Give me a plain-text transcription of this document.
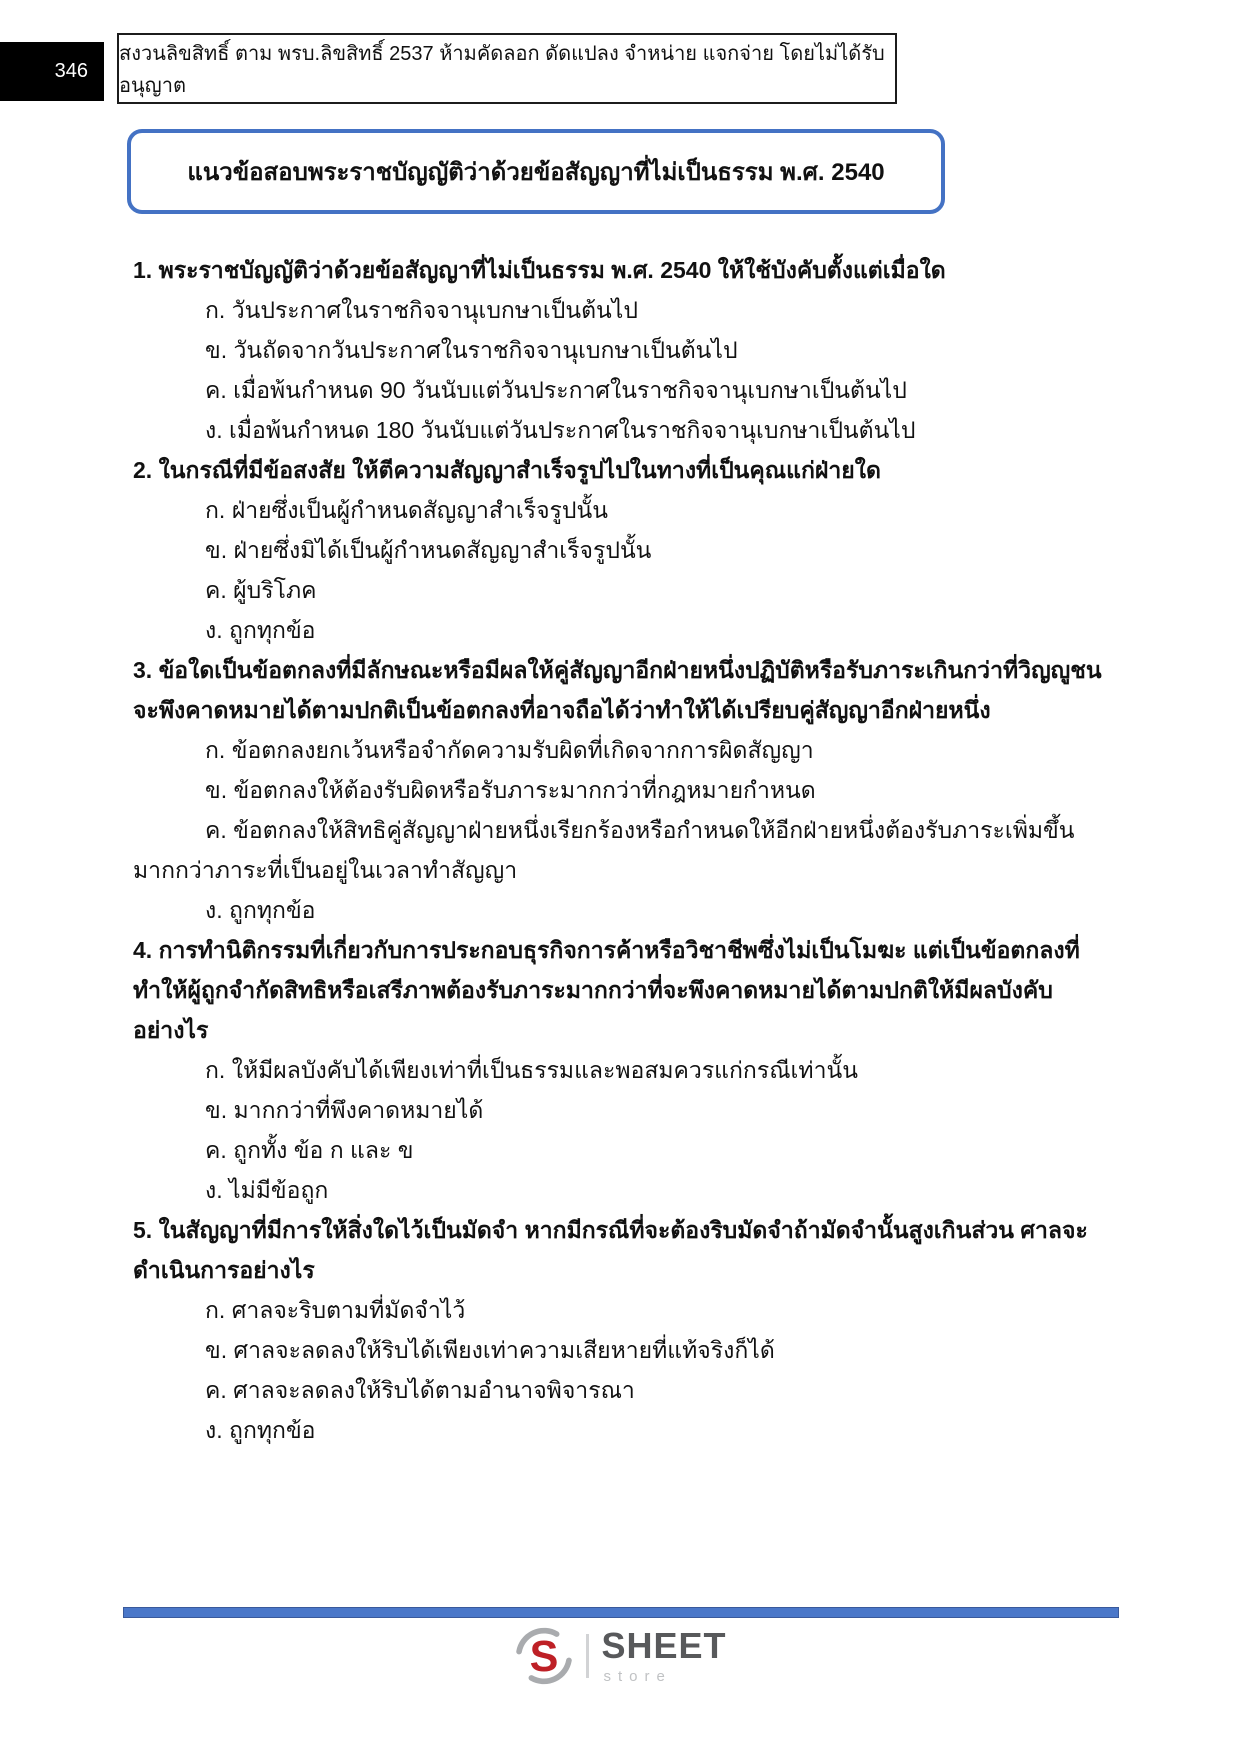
346
สงวนลิขสิทธิ์ ตาม พรบ.ลิขสิทธิ์ 2537 ห้ามคัดลอก ดัดแปลง จำหน่าย แจกจ่าย โดยไม่ได้รับอนุญาต
แนวข้อสอบพระราชบัญญัติว่าด้วยข้อสัญญาที่ไม่เป็นธรรม พ.ศ. 2540

1. พระราชบัญญัติว่าด้วยข้อสัญญาที่ไม่เป็นธรรม พ.ศ. 2540 ให้ใช้บังคับตั้งแต่เมื่อใด

ก. วันประกาศในราชกิจจานุเบกษาเป็นต้นไป

ข. วันถัดจากวันประกาศในราชกิจจานุเบกษาเป็นต้นไป

ค. เมื่อพ้นกำหนด 90 วันนับแต่วันประกาศในราชกิจจานุเบกษาเป็นต้นไป

ง. เมื่อพ้นกำหนด 180 วันนับแต่วันประกาศในราชกิจจานุเบกษาเป็นต้นไป

2. ในกรณีที่มีข้อสงสัย ให้ตีความสัญญาสำเร็จรูปไปในทางที่เป็นคุณแก่ฝ่ายใด

ก. ฝ่ายซึ่งเป็นผู้กำหนดสัญญาสำเร็จรูปนั้น

ข. ฝ่ายซึ่งมิได้เป็นผู้กำหนดสัญญาสำเร็จรูปนั้น

ค. ผู้บริโภค

ง. ถูกทุกข้อ

3. ข้อใดเป็นข้อตกลงที่มีลักษณะหรือมีผลให้คู่สัญญาอีกฝ่ายหนึ่งปฏิบัติหรือรับภาระเกินกว่าที่วิญญูชนจะพึงคาดหมายได้ตามปกติเป็นข้อตกลงที่อาจถือได้ว่าทำให้ได้เปรียบคู่สัญญาอีกฝ่ายหนึ่ง

ก. ข้อตกลงยกเว้นหรือจำกัดความรับผิดที่เกิดจากการผิดสัญญา

ข. ข้อตกลงให้ต้องรับผิดหรือรับภาระมากกว่าที่กฎหมายกำหนด

ค. ข้อตกลงให้สิทธิคู่สัญญาฝ่ายหนึ่งเรียกร้องหรือกำหนดให้อีกฝ่ายหนึ่งต้องรับภาระเพิ่มขึ้นมากกว่าภาระที่เป็นอยู่ในเวลาทำสัญญา

ง. ถูกทุกข้อ

4. การทำนิติกรรมที่เกี่ยวกับการประกอบธุรกิจการค้าหรือวิชาชีพซึ่งไม่เป็นโมฆะ แต่เป็นข้อตกลงที่ทำให้ผู้ถูกจำกัดสิทธิหรือเสรีภาพต้องรับภาระมากกว่าที่จะพึงคาดหมายได้ตามปกติให้มีผลบังคับอย่างไร

ก. ให้มีผลบังคับได้เพียงเท่าที่เป็นธรรมและพอสมควรแก่กรณีเท่านั้น

ข. มากกว่าที่พึงคาดหมายได้

ค. ถูกทั้ง ข้อ ก และ ข

ง. ไม่มีข้อถูก

5. ในสัญญาที่มีการให้สิ่งใดไว้เป็นมัดจำ หากมีกรณีที่จะต้องริบมัดจำถ้ามัดจำนั้นสูงเกินส่วน ศาลจะดำเนินการอย่างไร

ก. ศาลจะริบตามที่มัดจำไว้

ข. ศาลจะลดลงให้ริบได้เพียงเท่าความเสียหายที่แท้จริงก็ได้

ค. ศาลจะลดลงให้ริบได้ตามอำนาจพิจารณา

ง. ถูกทุกข้อ

S SHEET
store
